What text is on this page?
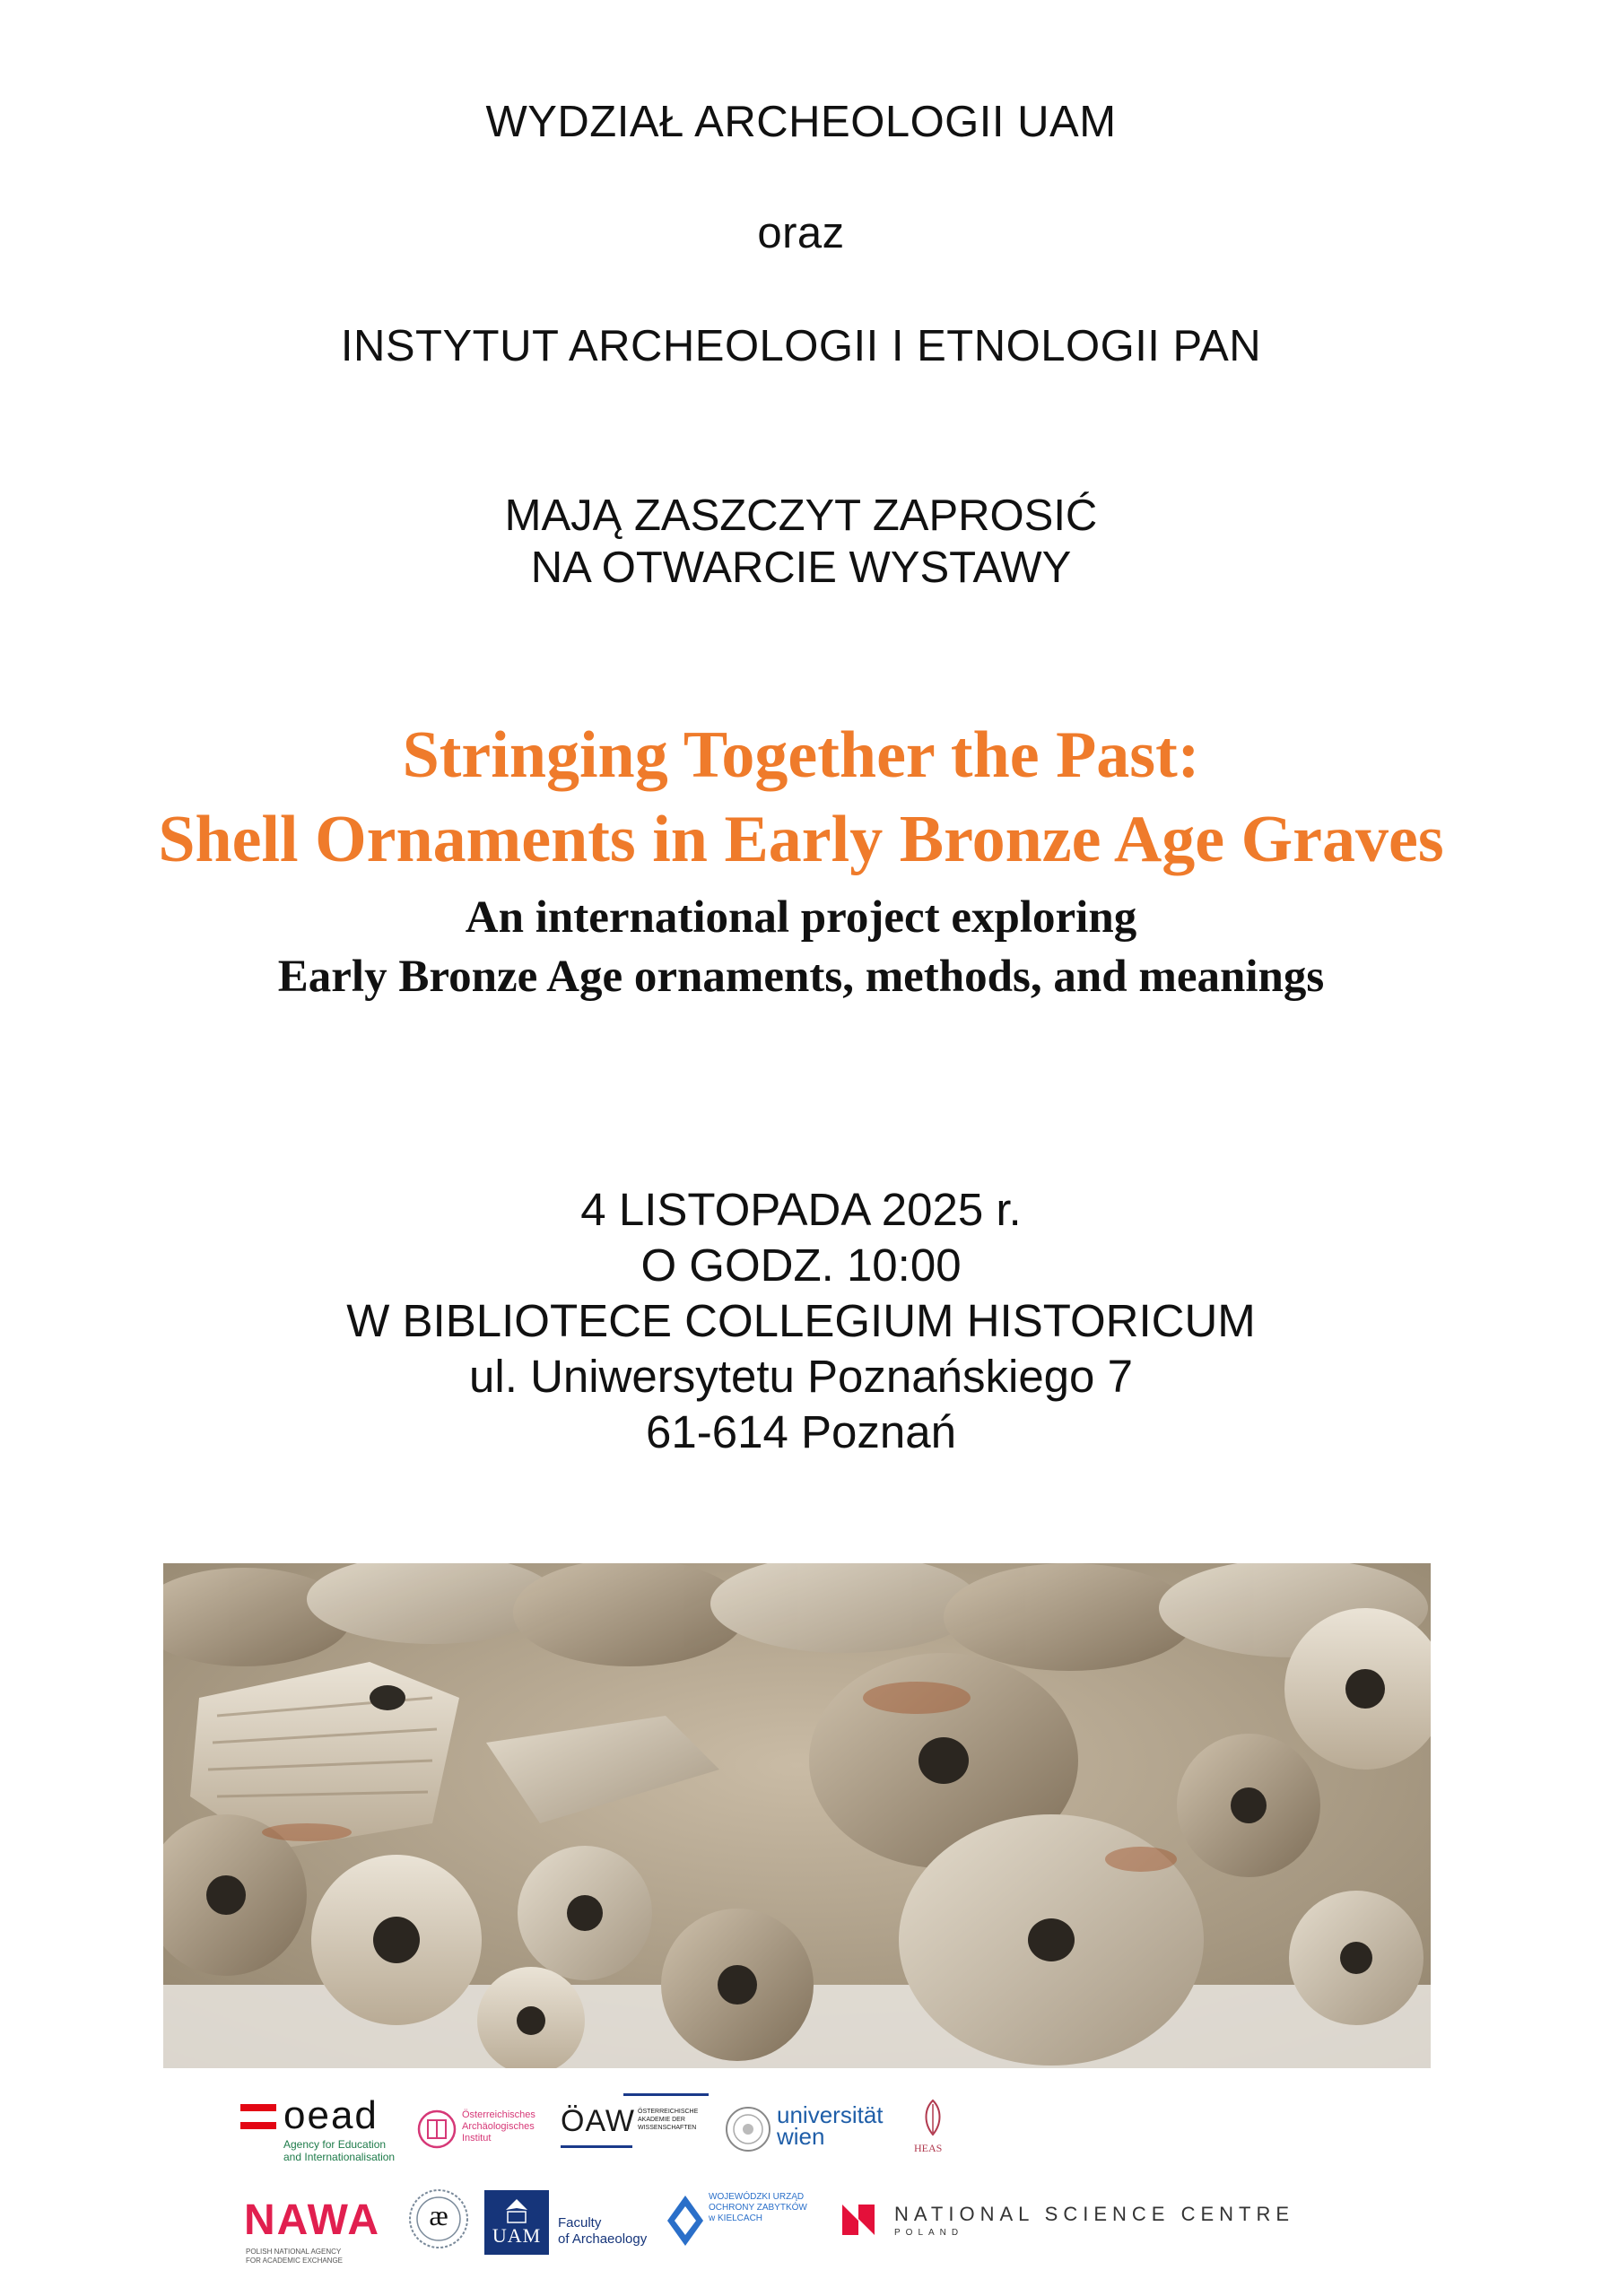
WYDZIAŁ ARCHEOLOGII UAM
oraz
INSTYTUT ARCHEOLOGII I ETNOLOGII PAN
MAJĄ ZASZCZYT ZAPROSIĆ
NA OTWARCIE WYSTAWY
Stringing Together the Past:
Shell Ornaments in Early Bronze Age Graves
An international project exploring
Early Bronze Age ornaments, methods, and meanings
4 LISTOPADA 2025 r.
O GODZ. 10:00
W BIBLIOTECE COLLEGIUM HISTORICUM
ul. Uniwersytetu Poznańskiego 7
61-614 Poznań
oead
Agency for Education
and Internationalisation
Österreichisches
Archäologisches
Institut	ÖAW ÖSTERREICHISCHE
AKADEMIE DER
WISSENSCHAFTEN	universität
wien	HEAS
NAWA
POLISH NATIONAL AGENCY
FOR ACADEMIC EXCHANGE
æ
UAM
Faculty
of Archaeology
WOJEWÓDZKI URZĄD
OCHRONY ZABYTKÓW
w KIELCACH	NATIONAL SCIENCE CENTRE
POLAND
